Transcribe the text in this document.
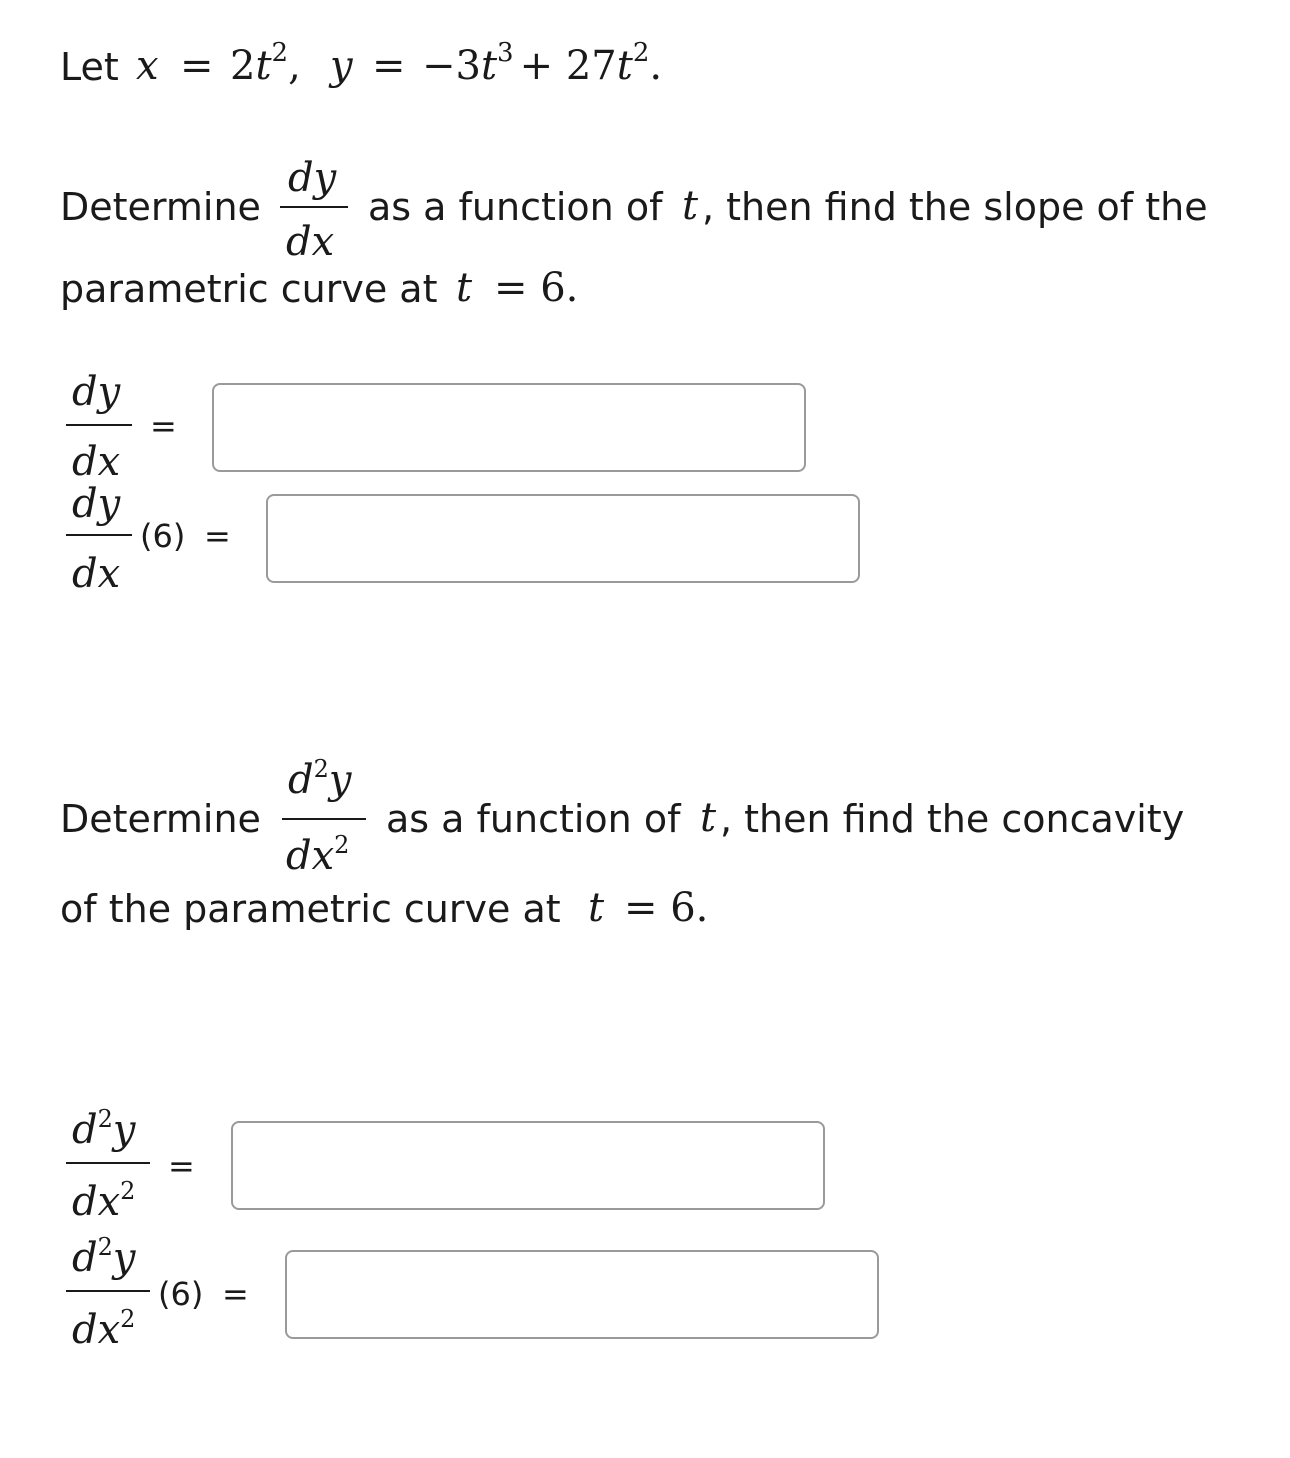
Let x = 2t2, y = −3t3 + 27t2.
Determine
dy
dx
as a function of t , then find the slope of the
parametric curve at t = 6.
dy
dx
=
dy
dx
(6) =
Determine
d2y
dx2
as a function of t , then find the concavity
of the parametric curve at t = 6.
d2y
dx2
=
d2y
dx2
(6) =
